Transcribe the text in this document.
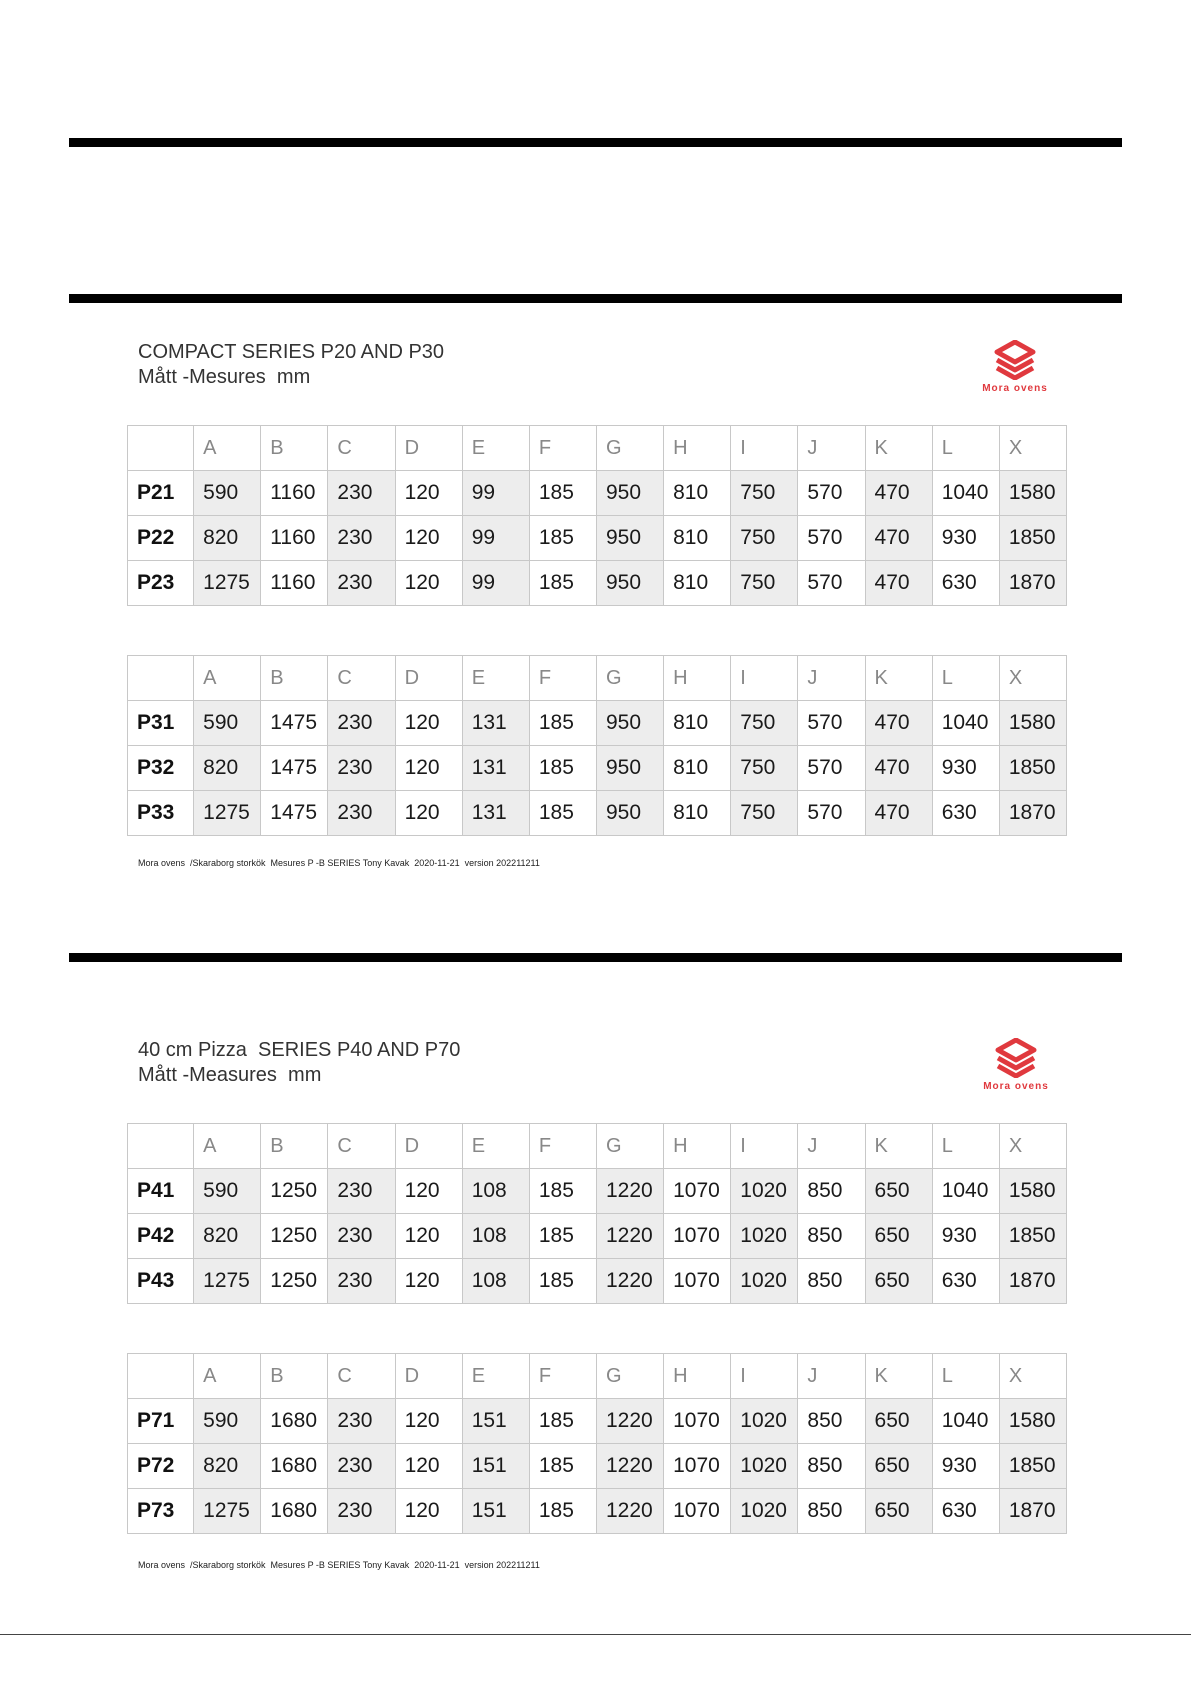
COMPACT SERIES P20 AND P30
Mått -Mesures  mm
Mora ovens
	A	B	C	D	E	F	G	H	I	J	K	L	X
P21	590	1160	230	120	99	185	950	810	750	570	470	1040	1580
P22	820	1160	230	120	99	185	950	810	750	570	470	930	1850
P23	1275	1160	230	120	99	185	950	810	750	570	470	630	1870
	A	B	C	D	E	F	G	H	I	J	K	L	X
P31	590	1475	230	120	131	185	950	810	750	570	470	1040	1580
P32	820	1475	230	120	131	185	950	810	750	570	470	930	1850
P33	1275	1475	230	120	131	185	950	810	750	570	470	630	1870
Mora ovens  /Skaraborg storkök  Mesures P -B SERIES Tony Kavak  2020-11-21  version 202211211
40 cm Pizza  SERIES P40 AND P70
Mått -Measures  mm
Mora ovens
	A	B	C	D	E	F	G	H	I	J	K	L	X
P41	590	1250	230	120	108	185	1220	1070	1020	850	650	1040	1580
P42	820	1250	230	120	108	185	1220	1070	1020	850	650	930	1850
P43	1275	1250	230	120	108	185	1220	1070	1020	850	650	630	1870
	A	B	C	D	E	F	G	H	I	J	K	L	X
P71	590	1680	230	120	151	185	1220	1070	1020	850	650	1040	1580
P72	820	1680	230	120	151	185	1220	1070	1020	850	650	930	1850
P73	1275	1680	230	120	151	185	1220	1070	1020	850	650	630	1870
Mora ovens  /Skaraborg storkök  Mesures P -B SERIES Tony Kavak  2020-11-21  version 202211211
